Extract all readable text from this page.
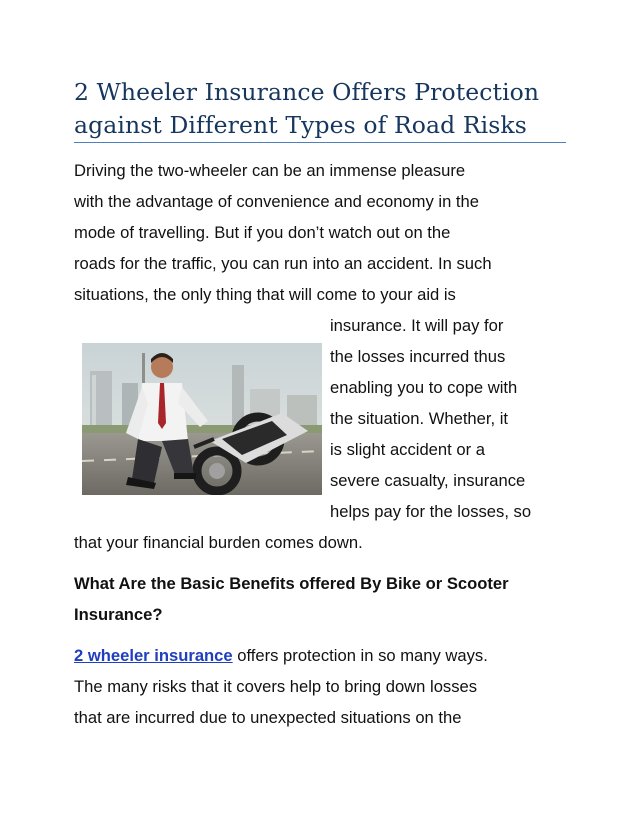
2 Wheeler Insurance Offers Protection
against Different Types of Road Risks
Driving the two-wheeler can be an immense pleasure
with the advantage of convenience and economy in the
mode of travelling. But if you don’t watch out on the
roads for the traffic, you can run into an accident. In such
situations, the only thing that will come to your aid is
insurance. It will pay for
the losses incurred thus
enabling you to cope with
the situation. Whether, it
is slight accident or a
severe casualty, insurance
helps pay for the losses, so
that your financial burden comes down.
What Are the Basic Benefits offered By Bike or Scooter
Insurance?
2 wheeler insurance offers protection in so many ways.
The many risks that it covers help to bring down losses
that are incurred due to unexpected situations on the
